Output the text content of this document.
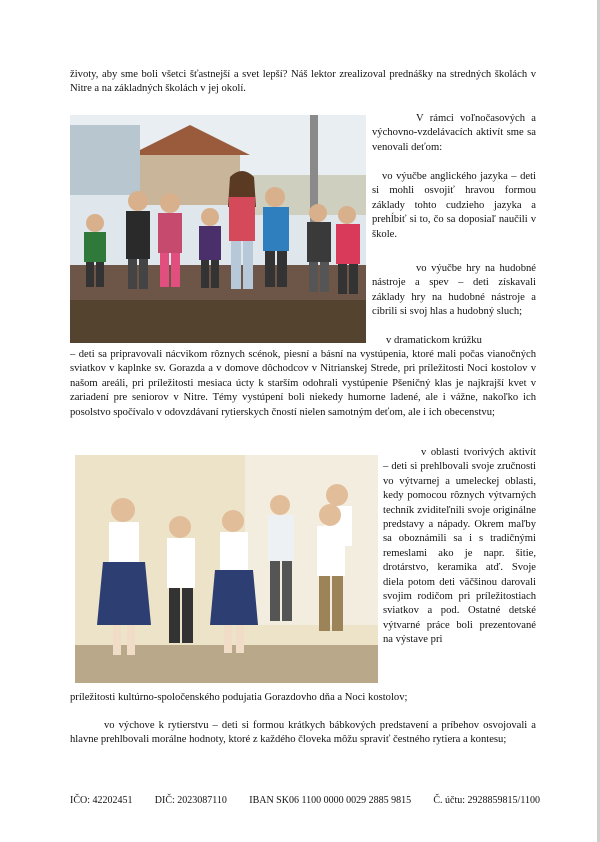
životy, aby sme boli všetci šťastnejší a svet lepší? Náš lektor zrealizoval prednášky na stredných školách v Nitre a na základných školách v jej okolí.

V rámci voľnočasových a výchovno-vzdelávacích aktivít sme sa venovali deťom:

vo výučbe anglického jazyka – deti si mohli osvojiť hravou formou základy tohto cudzieho jazyka a prehĺbiť si to, čo sa doposiaľ naučili v škole.

vo výučbe hry na hudobné nástroje a spev – deti získavali základy hry na hudobné nástroje a cibrili si svoj hlas a hudobný sluch;

v dramatickom krúžku

– deti sa pripravovali nácvikom rôznych scénok, piesní a básní na vystúpenia, ktoré mali počas vianočných sviatkov v kaplnke sv. Gorazda a v domove dôchodcov v Nitrianskej Strede, pri príležitosti Noci kostolov v našom areáli, pri príležitosti mesiaca úcty k starším odohrali vystúpenie Pšeničný klas je najkrajší kvet v zariadení pre seniorov v Nitre. Témy vystúpení boli niekedy humorne ladené, ale i vážne, nakoľko ich posolstvo spočívalo v odovzdávaní rytierskych čností nielen samotným deťom, ale i ich obecenstvu;

v oblasti tvorivých aktivít – deti si prehlbovali svoje zručnosti vo výtvarnej a umeleckej oblasti, kedy pomocou rôznych výtvarných techník zviditeľnili svoje originálne predstavy a nápady. Okrem maľby sa oboznámili sa i s tradičnými remeslami ako je napr. šitie, drotárstvo, keramika atď. Svoje diela potom deti väčšinou darovali svojim rodičom pri príležitostiach sviatkov a pod. Ostatné detské výtvarné práce boli prezentované na výstave pri

príležitosti kultúrno-spoločenského podujatia Gorazdovho dňa a Noci kostolov;

vo výchove k rytierstvu – deti si formou krátkych bábkových predstavení a príbehov osvojovali a hlavne prehlbovali morálne hodnoty, ktoré z každého človeka môžu spraviť čestného rytiera a kontesu;

IČO: 42202451 DIČ: 2023087110 IBAN SK06 1100 0000 0029 2885 9815 Č. účtu: 2928859815/1100
